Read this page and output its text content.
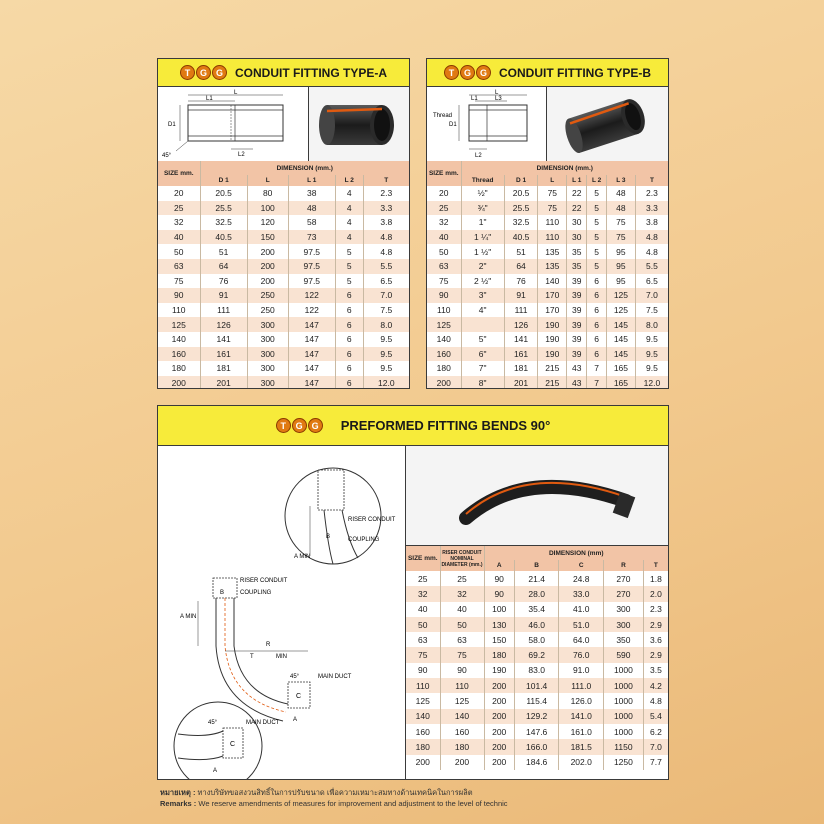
T	G G	CONDUIT FITTING TYPE-A
L
L1
L2
D1
45°
SIZE mm.	DIMENSION (mm.)				
	D 1	L	L 1	L 2	T
20	20.5	80	38	4	2.3
25	25.5	100	48	4	3.3
32	32.5	120	58	4	3.8
40	40.5	150	73	4	4.8
50	51	200	97.5	5	4.8
63	64	200	97.5	5	5.5
75	76	200	97.5	5	6.5
90	91	250	122	6	7.0
110	111	250	122	6	7.5
125	126	300	147	6	8.0
140	141	300	147	6	9.5
160	161	300	147	6	9.5
180	181	300	147	6	9.5
200	201	300	147	6	12.0
T	G G	CONDUIT FITTING TYPE-B
L
L1	L3
L2
D1
Thread
SIZE mm.	DIMENSION (mm.)						
	Thread	D 1	L	L 1	L 2	L 3	T
20	½"	20.5	75	22	5	48	2.3
25	¾"	25.5	75	22	5	48	3.3
32	1"	32.5	110	30	5	75	3.8
40	1 ¼"	40.5	110	30	5	75	4.8
50	1 ½"	51	135	35	5	95	4.8
63	2"	64	135	35	5	95	5.5
75	2 ½"	76	140	39	6	95	6.5
90	3"	91	170	39	6	125	7.0
110	4"	111	170	39	6	125	7.5
125		126	190	39	6	145	8.0
140	5"	141	190	39	6	145	9.5
160	6"	161	190	39	6	145	9.5
180	7"	181	215	43	7	165	9.5
200	8"	201	215	43	7	165	12.0
T	G G	PREFORMED FITTING BENDS 90°
RISER CONDUIT
COUPLING
B
A MIN
RISER CONDUIT
COUPLING
B
A MIN
R
T	MIN
45°	MAIN DUCT
C
A
MAIN DUCT
45°
C
A
SIZE mm.	RISER CONDUIT NOMINAL DIAMETER (mm.)	DIMENSION (mm)				
		A	B	C	R	T
25	25	90	21.4	24.8	270	1.8
32	32	90	28.0	33.0	270	2.0
40	40	100	35.4	41.0	300	2.3
50	50	130	46.0	51.0	300	2.9
63	63	150	58.0	64.0	350	3.6
75	75	180	69.2	76.0	590	2.9
90	90	190	83.0	91.0	1000	3.5
110	110	200	101.4	111.0	1000	4.2
125	125	200	115.4	126.0	1000	4.8
140	140	200	129.2	141.0	1000	5.4
160	160	200	147.6	161.0	1000	6.2
180	180	200	166.0	181.5	1150	7.0
200	200	200	184.6	202.0	1250	7.7
หมายเหตุ : ทางบริษัทขอสงวนสิทธิ์ในการปรับขนาด เพื่อความเหมาะสมทางด้านเทคนิคในการผลิต
Remarks : We reserve amendments of measures for improvement and adjustment to the level of technic
